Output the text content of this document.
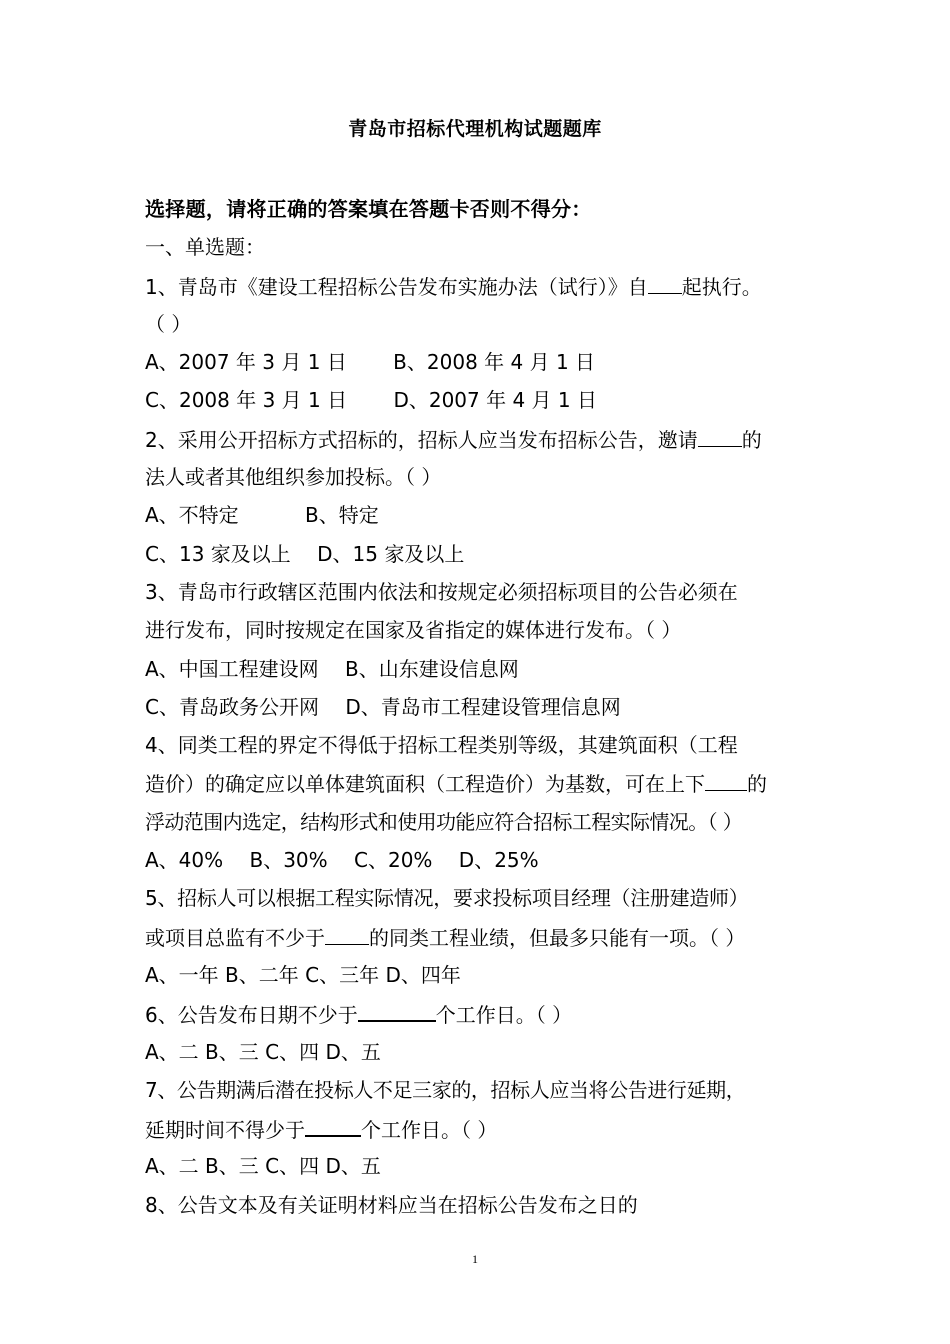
青岛市招标代理机构试题题库
选择题，请将正确的答案填在答题卡否则不得分：
一、单选题：
1、青岛市《建设工程招标公告发布实施办法（试行）》自 起执行。
（ ）
A、2007 年 3 月 1 日　　 B、2008 年 4 月 1 日
C、2008 年 3 月 1 日　　 D、2007 年 4 月 1 日
2、采用公开招标方式招标的，招标人应当发布招标公告，邀请 的
法人或者其他组织参加投标。（ ）
A、不特定　　　 B、特定
C、13 家及以上　 D、15 家及以上
3、青岛市行政辖区范围内依法和按规定必须招标项目的公告必须在
进行发布，同时按规定在国家及省指定的媒体进行发布。（ ）
A、中国工程建设网　 B、山东建设信息网
C、青岛政务公开网　 D、青岛市工程建设管理信息网
4、同类工程的界定不得低于招标工程类别等级，其建筑面积（工程
造价）的确定应以单体建筑面积（工程造价）为基数，可在上下 的
浮动范围内选定，结构形式和使用功能应符合招标工程实际情况。（ ）
A、40%　 B、30%　 C、20%　 D、25%
5、招标人可以根据工程实际情况，要求投标项目经理（注册建造师）
或项目总监有不少于 的同类工程业绩，但最多只能有一项。（ ）
A、一年 B、二年 C、三年 D、四年
6、公告发布日期不少于	个工作日。（ ）
A、二 B、三 C、四 D、五
7、公告期满后潜在投标人不足三家的，招标人应当将公告进行延期，
延期时间不得少于	个工作日。（ ）
A、二 B、三 C、四 D、五
8、公告文本及有关证明材料应当在招标公告发布之日的
1
